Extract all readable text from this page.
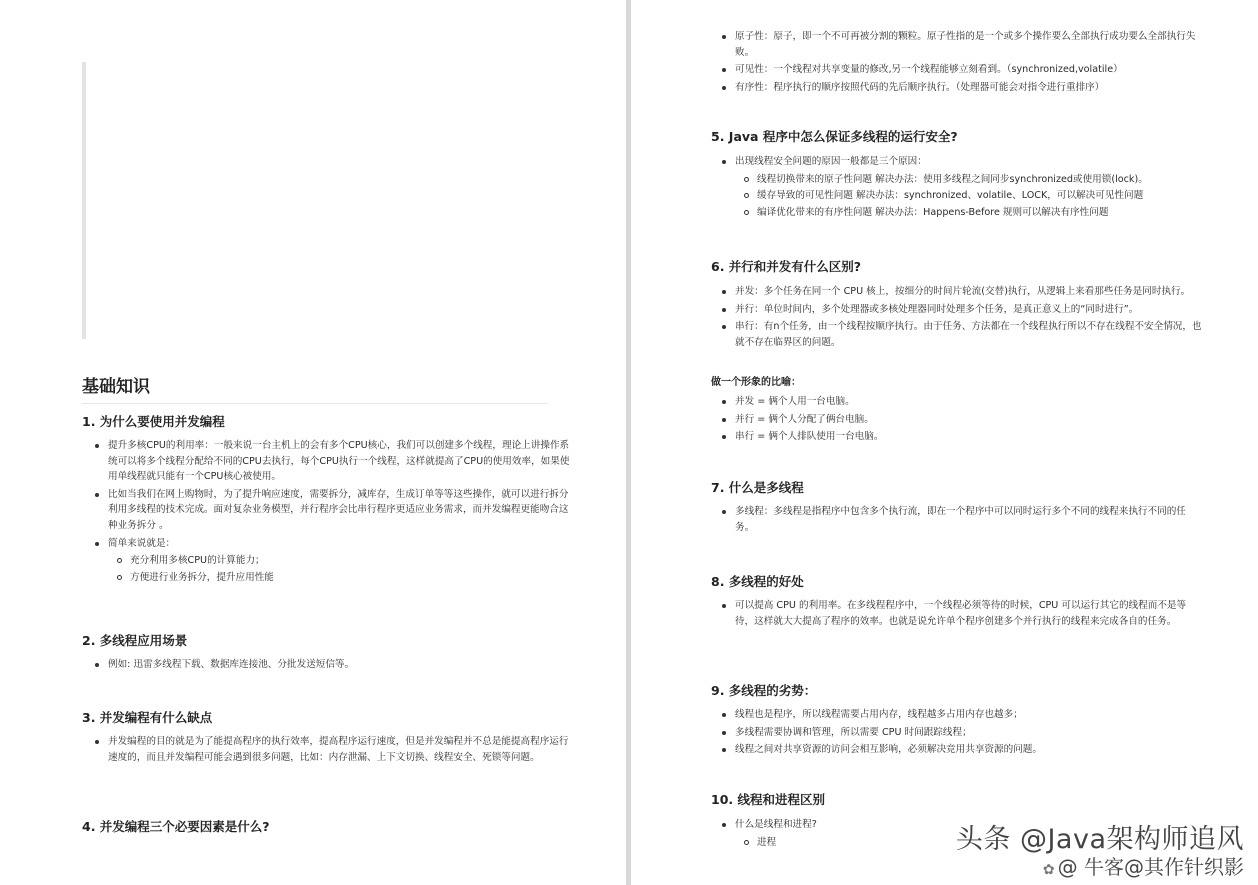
基础知识
1. 为什么要使用并发编程
提升多核CPU的利用率：一般来说一台主机上的会有多个CPU核心，我们可以创建多个线程，理论上讲操作系统可以将多个线程分配给不同的CPU去执行，每个CPU执行一个线程，这样就提高了CPU的使用效率，如果使用单线程就只能有一个CPU核心被使用。
比如当我们在网上购物时，为了提升响应速度，需要拆分，减库存，生成订单等等这些操作，就可以进行拆分利用多线程的技术完成。面对复杂业务模型，并行程序会比串行程序更适应业务需求，而并发编程更能吻合这种业务拆分 。
简单来说就是：
充分利用多核CPU的计算能力；
方便进行业务拆分，提升应用性能
2. 多线程应用场景
例如: 迅雷多线程下载、数据库连接池、分批发送短信等。
3. 并发编程有什么缺点
并发编程的目的就是为了能提高程序的执行效率，提高程序运行速度，但是并发编程并不总是能提高程序运行速度的，而且并发编程可能会遇到很多问题，比如：内存泄漏、上下文切换、线程安全、死锁等问题。
4. 并发编程三个必要因素是什么?
原子性：原子，即一个不可再被分割的颗粒。原子性指的是一个或多个操作要么全部执行成功要么全部执行失败。
可见性：一个线程对共享变量的修改,另一个线程能够立刻看到。（synchronized,volatile）
有序性：程序执行的顺序按照代码的先后顺序执行。（处理器可能会对指令进行重排序）
5. Java 程序中怎么保证多线程的运行安全?
出现线程安全问题的原因一般都是三个原因：
线程切换带来的原子性问题 解决办法：使用多线程之间同步synchronized或使用锁(lock)。
缓存导致的可见性问题 解决办法：synchronized、volatile、LOCK，可以解决可见性问题
编译优化带来的有序性问题 解决办法：Happens-Before 规则可以解决有序性问题
6. 并行和并发有什么区别?
并发：多个任务在同一个 CPU 核上，按细分的时间片轮流(交替)执行，从逻辑上来看那些任务是同时执行。
并行：单位时间内，多个处理器或多核处理器同时处理多个任务，是真正意义上的“同时进行”。
串行：有n个任务，由一个线程按顺序执行。由于任务、方法都在一个线程执行所以不存在线程不安全情况，也就不存在临界区的问题。
做一个形象的比喻：
并发 = 俩个人用一台电脑。
并行 = 俩个人分配了俩台电脑。
串行 = 俩个人排队使用一台电脑。
7. 什么是多线程
多线程：多线程是指程序中包含多个执行流，即在一个程序中可以同时运行多个不同的线程来执行不同的任务。
8. 多线程的好处
可以提高 CPU 的利用率。在多线程程序中，一个线程必须等待的时候，CPU 可以运行其它的线程而不是等待，这样就大大提高了程序的效率。也就是说允许单个程序创建多个并行执行的线程来完成各自的任务。
9. 多线程的劣势：
线程也是程序，所以线程需要占用内存，线程越多占用内存也越多；
多线程需要协调和管理，所以需要 CPU 时间跟踪线程；
线程之间对共享资源的访问会相互影响，必须解决竞用共享资源的问题。
10. 线程和进程区别
什么是线程和进程?
进程	头条 @Java架构师追风
✿ @ 牛客@其作针织影
